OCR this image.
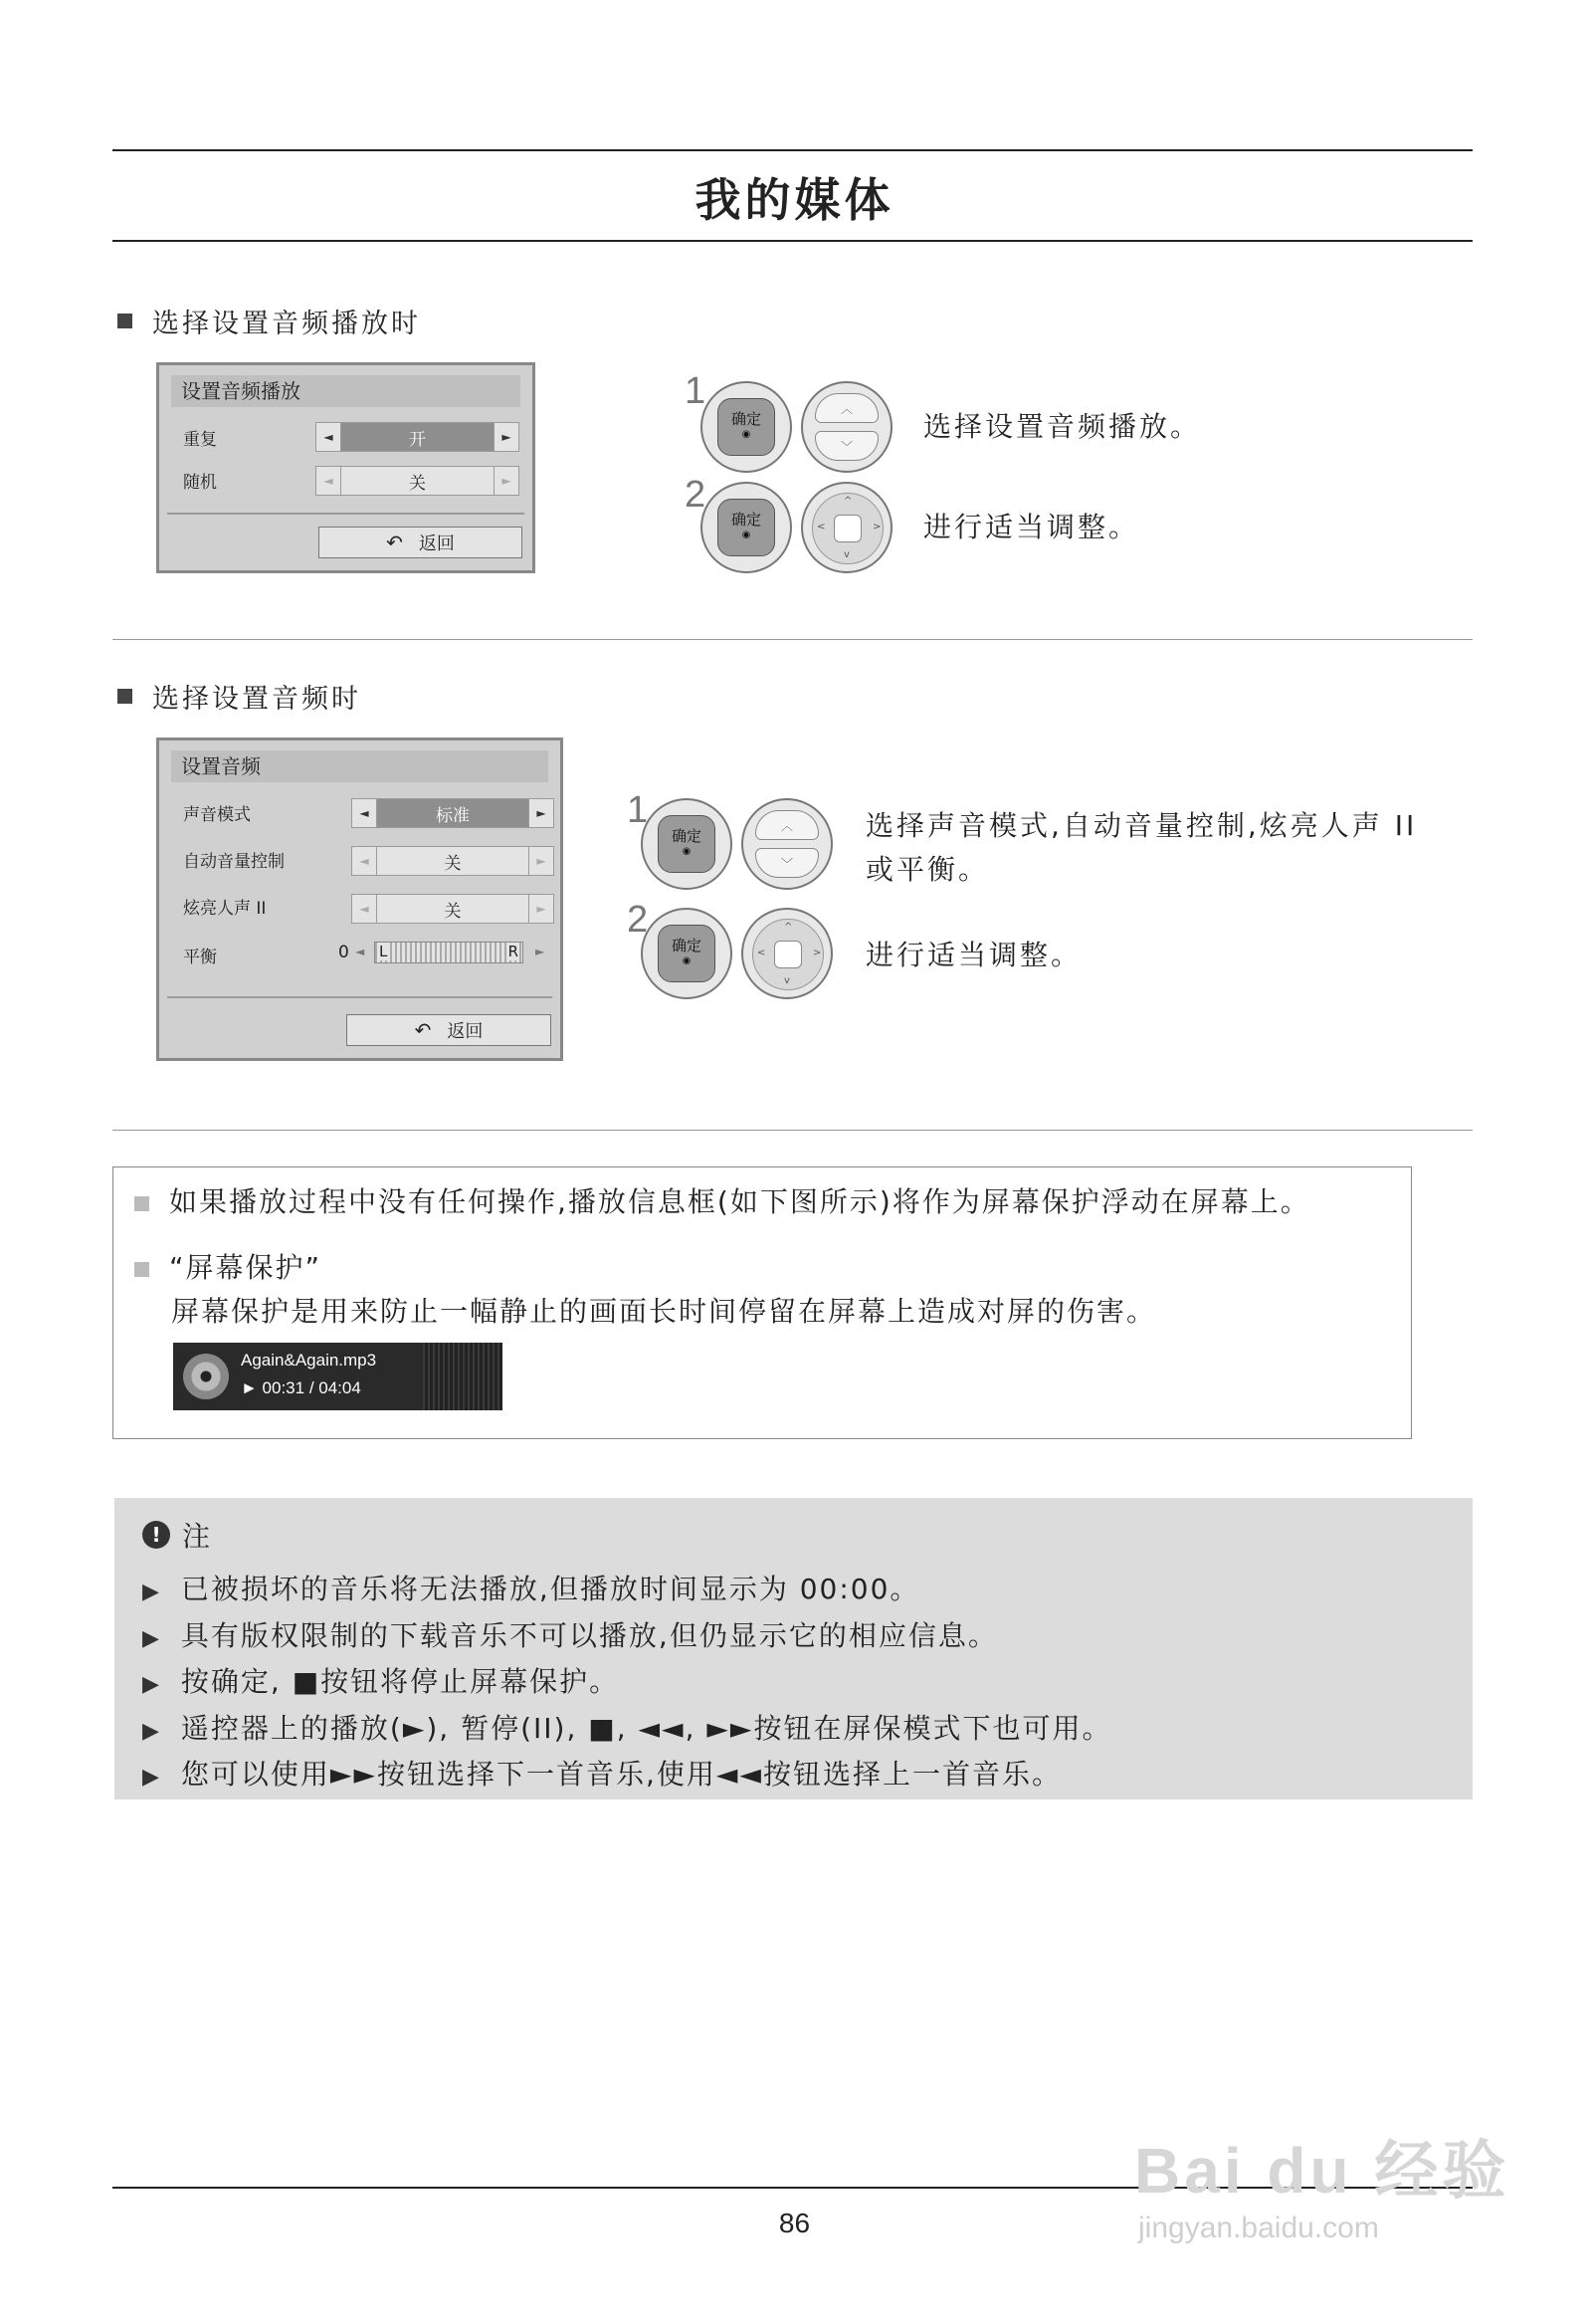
我的媒体
选择设置音频播放时
设置音频播放
重复	◄	开	►
随机	◄	关	►
↶ 返回
1
确定
◉
︿
﹀
选择设置音频播放。
2
确定
◉
^
v
<	> 进行适当调整。
选择设置音频时
设置音频
声音模式	◄	标准	►
自动音量控制	◄	关	►
炫亮人声 II	◄	关	►
平衡	0 ◄ L	R ►
↶ 返回
1
确定
◉
︿
﹀
选择声音模式,自动音量控制,炫亮人声 II
或平衡。
2
确定
◉
^
v
<	> 进行适当调整。
如果播放过程中没有任何操作,播放信息框(如下图所示)将作为屏幕保护浮动在屏幕上。
“屏幕保护”
屏幕保护是用来防止一幅静止的画面长时间停留在屏幕上造成对屏的伤害。
Again&Again.mp3
► 00:31 / 04:04
! 注
▶ 已被损坏的音乐将无法播放,但播放时间显示为 00:00。
▶ 具有版权限制的下载音乐不可以播放,但仍显示它的相应信息。
▶ 按确定, ■按钮将停止屏幕保护。
▶ 遥控器上的播放(►), 暂停(II), ■, ◄◄, ►►按钮在屏保模式下也可用。
▶ 您可以使用►►按钮选择下一首音乐,使用◄◄按钮选择上一首音乐。
86
Bai du 经验
jingyan.baidu.com
